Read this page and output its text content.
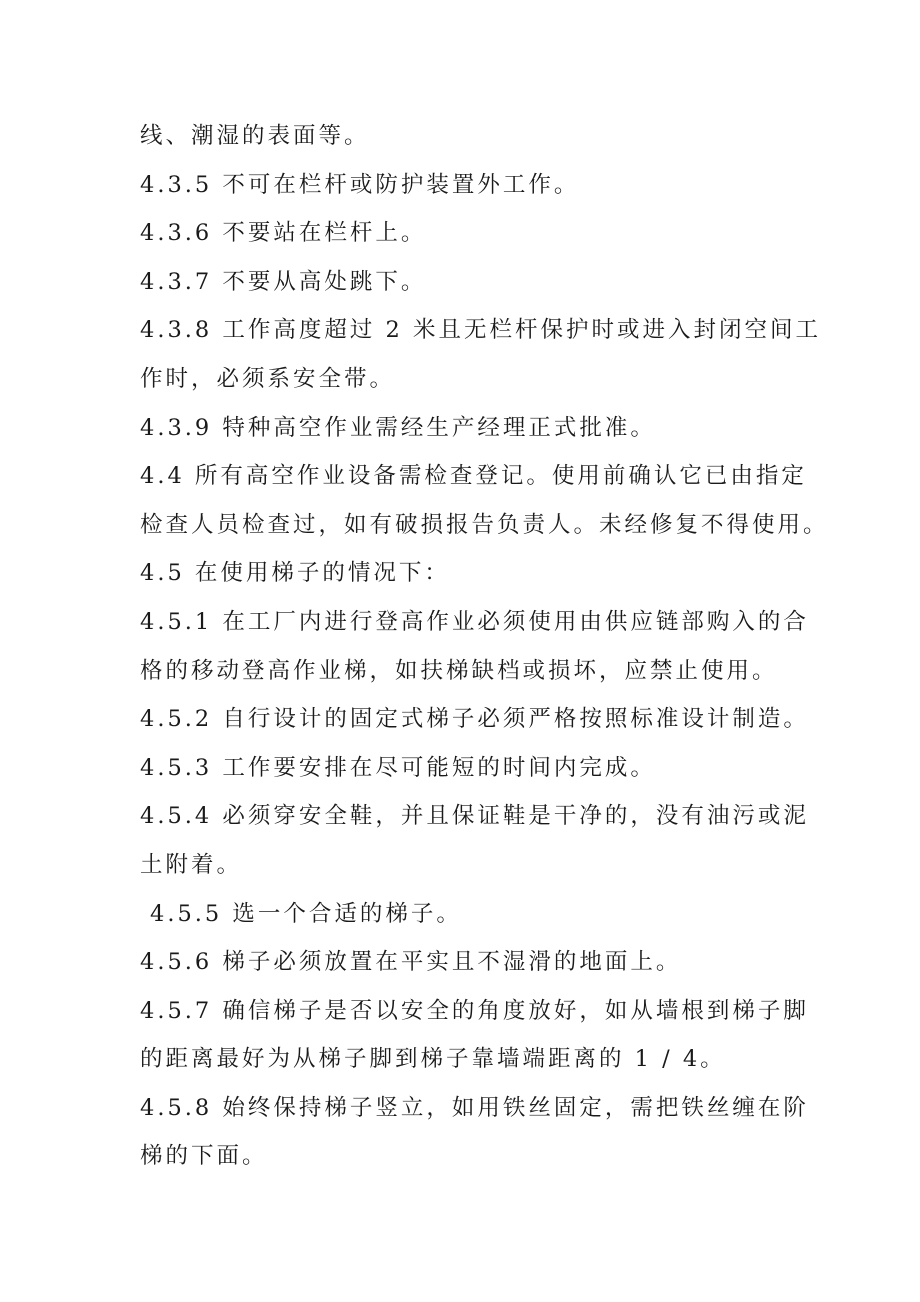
线、潮湿的表面等。
4.3.5 不可在栏杆或防护装置外工作。
4.3.6 不要站在栏杆上。
4.3.7 不要从高处跳下。
4.3.8 工作高度超过 2 米且无栏杆保护时或进入封闭空间工
作时，必须系安全带。
4.3.9 特种高空作业需经生产经理正式批准。
4.4 所有高空作业设备需检查登记。使用前确认它已由指定
检查人员检查过，如有破损报告负责人。未经修复不得使用。
4.5 在使用梯子的情况下：
4.5.1 在工厂内进行登高作业必须使用由供应链部购入的合
格的移动登高作业梯，如扶梯缺档或损坏，应禁止使用。
4.5.2 自行设计的固定式梯子必须严格按照标准设计制造。
4.5.3 工作要安排在尽可能短的时间内完成。
4.5.4 必须穿安全鞋，并且保证鞋是干净的，没有油污或泥
土附着。
4.5.5 选一个合适的梯子。
4.5.6 梯子必须放置在平实且不湿滑的地面上。
4.5.7 确信梯子是否以安全的角度放好，如从墙根到梯子脚
的距离最好为从梯子脚到梯子靠墙端距离的 1 / 4。
4.5.8 始终保持梯子竖立，如用铁丝固定，需把铁丝缠在阶
梯的下面。
